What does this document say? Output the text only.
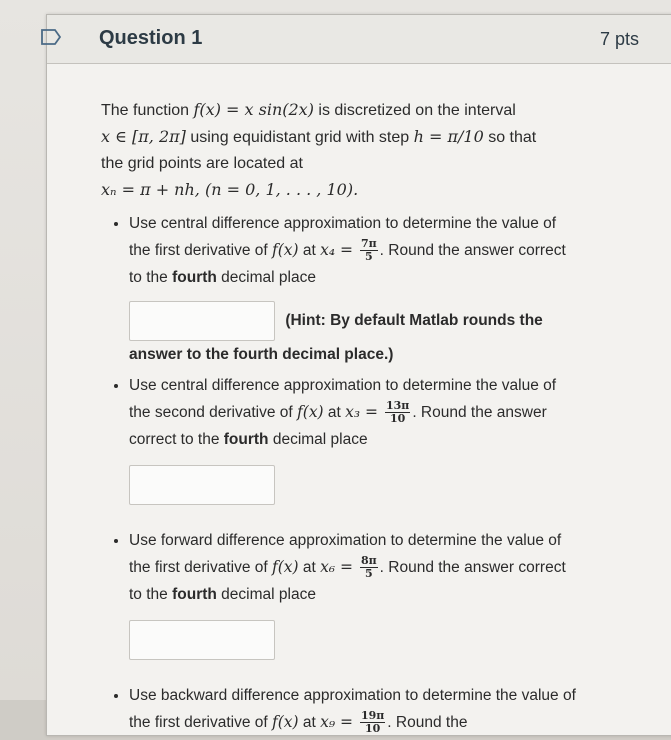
Question 1	7 pts
The function f(x) = x sin(2x) is discretized on the interval
x ∈ [π, 2π] using equidistant grid with step h = π/10 so that
the grid points are located at
xₙ = π + nh, (n = 0, 1, . . . , 10).
• Use central difference approximation to determine the value of the first derivative of f(x) at $x_4 = \frac{7\pi}{5}$ . Round the answer correct to the fourth decimal place
(Hint: By default Matlab rounds the answer to the fourth decimal place.)
• Use central difference approximation to determine the value of the second derivative of f(x) at $x_3 = \frac{13\pi}{10}$ . Round the answer correct to the fourth decimal place
• Use forward difference approximation to determine the value of the first derivative of f(x) at $x_6 = \frac{8\pi}{5}$ . Round the answer correct to the fourth decimal place
• Use backward difference approximation to determine the value of the first derivative of f(x) at $x_9 = \frac{19\pi}{10}$ . Round the
